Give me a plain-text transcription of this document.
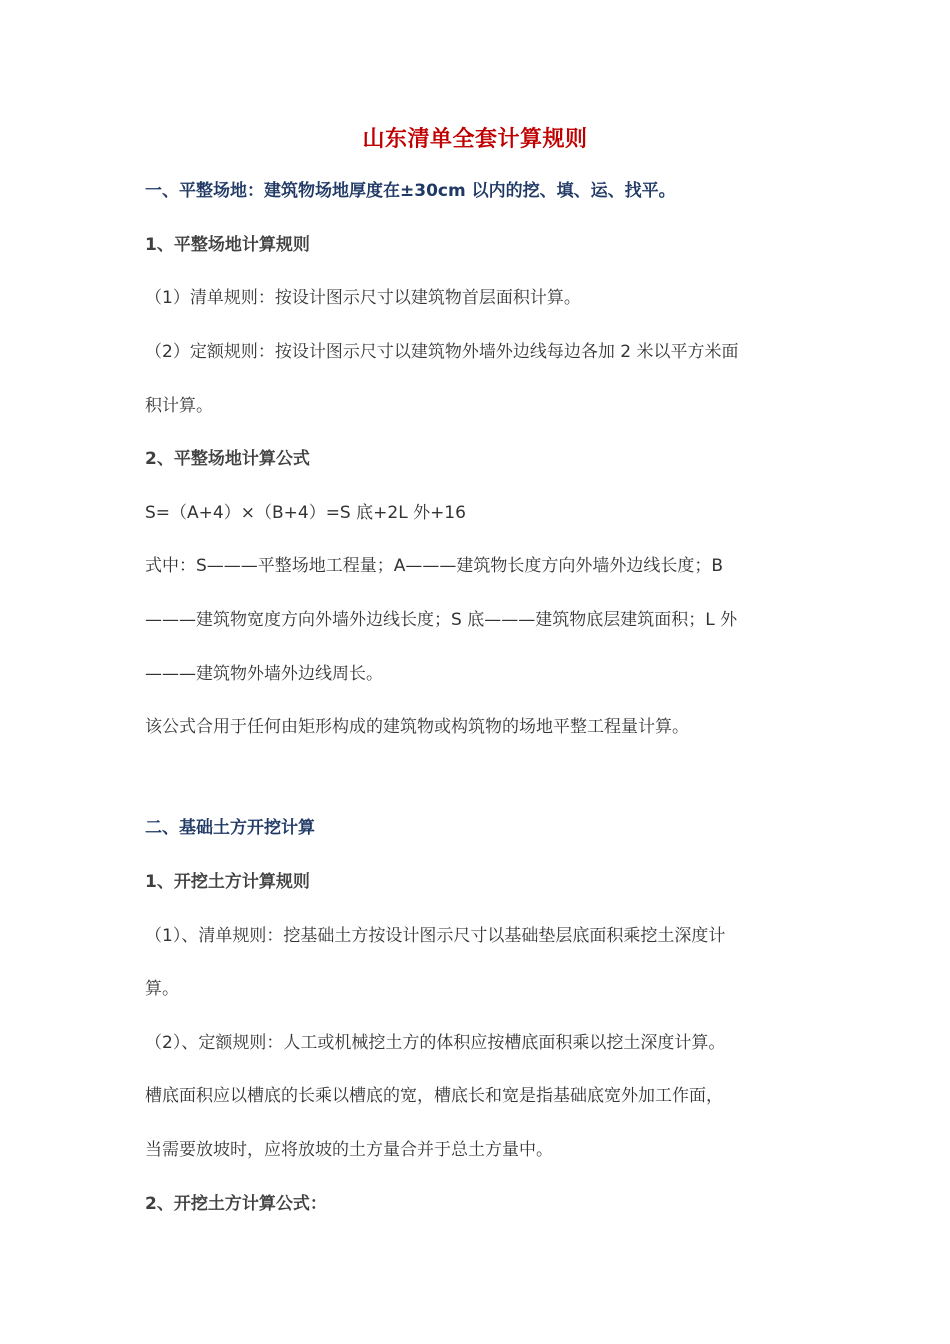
山东清单全套计算规则
一、平整场地：建筑物场地厚度在±30cm 以内的挖、填、运、找平。
1、平整场地计算规则
（1）清单规则：按设计图示尺寸以建筑物首层面积计算。
（2）定额规则：按设计图示尺寸以建筑物外墙外边线每边各加 2 米以平方米面
积计算。
2、平整场地计算公式
S=（A+4）×（B+4）=S 底+2L 外+16
式中：S———平整场地工程量；A———建筑物长度方向外墙外边线长度；B
———建筑物宽度方向外墙外边线长度；S 底———建筑物底层建筑面积；L 外
———建筑物外墙外边线周长。
该公式合用于任何由矩形构成的建筑物或构筑物的场地平整工程量计算。
二、基础土方开挖计算
1、开挖土方计算规则
（1）、清单规则：挖基础土方按设计图示尺寸以基础垫层底面积乘挖土深度计
算。
（2）、定额规则：人工或机械挖土方的体积应按槽底面积乘以挖土深度计算。
槽底面积应以槽底的长乘以槽底的宽，槽底长和宽是指基础底宽外加工作面，
当需要放坡时，应将放坡的土方量合并于总土方量中。
2、开挖土方计算公式：
